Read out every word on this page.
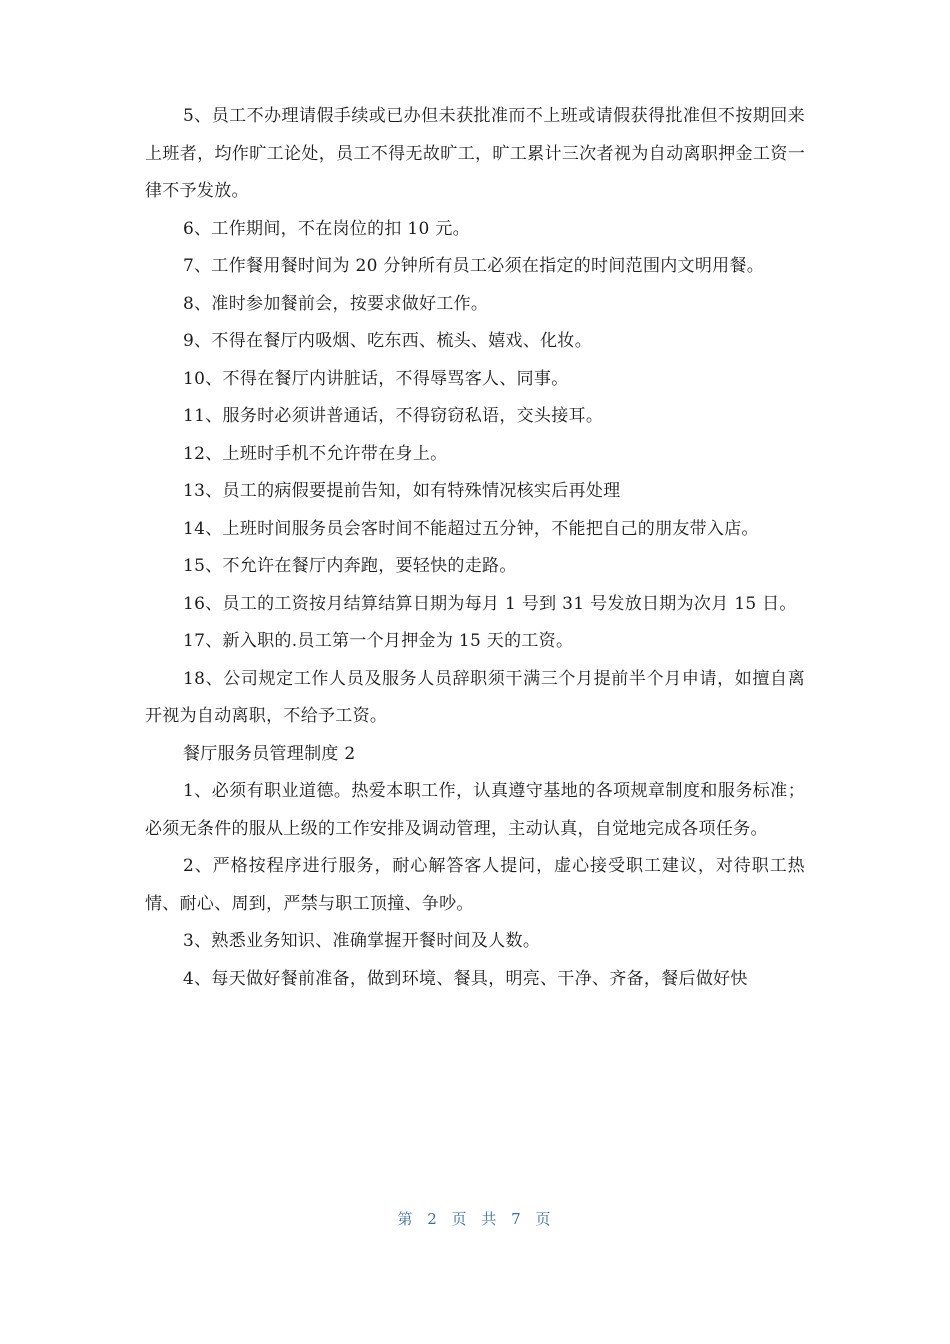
5、员工不办理请假手续或已办但未获批准而不上班或请假获得批准但不按期回来上班者，均作旷工论处，员工不得无故旷工，旷工累计三次者视为自动离职押金工资一律不予发放。

6、工作期间，不在岗位的扣 10 元。

7、工作餐用餐时间为 20 分钟所有员工必须在指定的时间范围内文明用餐。

8、准时参加餐前会，按要求做好工作。

9、不得在餐厅内吸烟、吃东西、梳头、嬉戏、化妆。

10、不得在餐厅内讲脏话，不得辱骂客人、同事。

11、服务时必须讲普通话，不得窃窃私语，交头接耳。

12、上班时手机不允许带在身上。

13、员工的病假要提前告知，如有特殊情况核实后再处理

14、上班时间服务员会客时间不能超过五分钟，不能把自己的朋友带入店。

15、不允许在餐厅内奔跑，要轻快的走路。

16、员工的工资按月结算结算日期为每月 1 号到 31 号发放日期为次月 15 日。

17、新入职的.员工第一个月押金为 15 天的工资。

18、公司规定工作人员及服务人员辞职须干满三个月提前半个月申请，如擅自离开视为自动离职，不给予工资。

餐厅服务员管理制度 2

1、必须有职业道德。热爱本职工作，认真遵守基地的各项规章制度和服务标准；必须无条件的服从上级的工作安排及调动管理，主动认真，自觉地完成各项任务。

2、严格按程序进行服务，耐心解答客人提问，虚心接受职工建议，对待职工热情、耐心、周到，严禁与职工顶撞、争吵。

3、熟悉业务知识、准确掌握开餐时间及人数。

4、每天做好餐前准备，做到环境、餐具，明亮、干净、齐备，餐后做好快

第 2 页 共 7 页
